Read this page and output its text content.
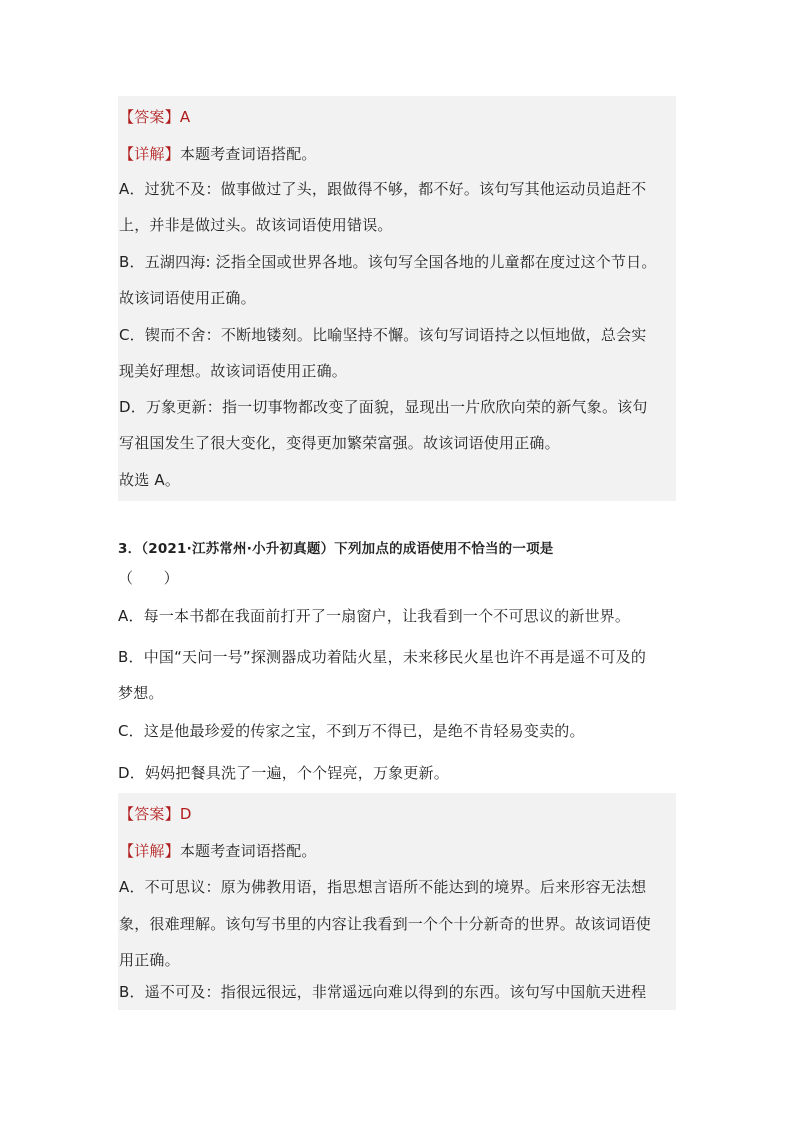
【答案】A
【详解】本题考查词语搭配。
A．过犹不及：做事做过了头，跟做得不够，都不好。该句写其他运动员追赶不
上，并非是做过头。故该词语使用错误。
B．五湖四海: 泛指全国或世界各地。该句写全国各地的儿童都在度过这个节日。
故该词语使用正确。
C．锲而不舍：不断地镂刻。比喻坚持不懈。该句写词语持之以恒地做，总会实
现美好理想。故该词语使用正确。
D．万象更新：指一切事物都改变了面貌，显现出一片欣欣向荣的新气象。该句
写祖国发生了很大变化，变得更加繁荣富强。故该词语使用正确。
故选 A。
3．（2021·江苏常州·小升初真题）下列加点的成语使用不恰当的一项是
（　　）
A．每一本书都在我面前打开了一扇窗户，让我看到一个不可思议的新世界。
B．中国“天问一号”探测器成功着陆火星，未来移民火星也许不再是遥不可及的
梦想。
C．这是他最珍爱的传家之宝，不到万不得已，是绝不肯轻易变卖的。
D．妈妈把餐具洗了一遍，个个锃亮，万象更新。
【答案】D
【详解】本题考查词语搭配。
A．不可思议：原为佛教用语，指思想言语所不能达到的境界。后来形容无法想
象，很难理解。该句写书里的内容让我看到一个个十分新奇的世界。故该词语使
用正确。
B．遥不可及：指很远很远，非常遥远向难以得到的东西。该句写中国航天进程
